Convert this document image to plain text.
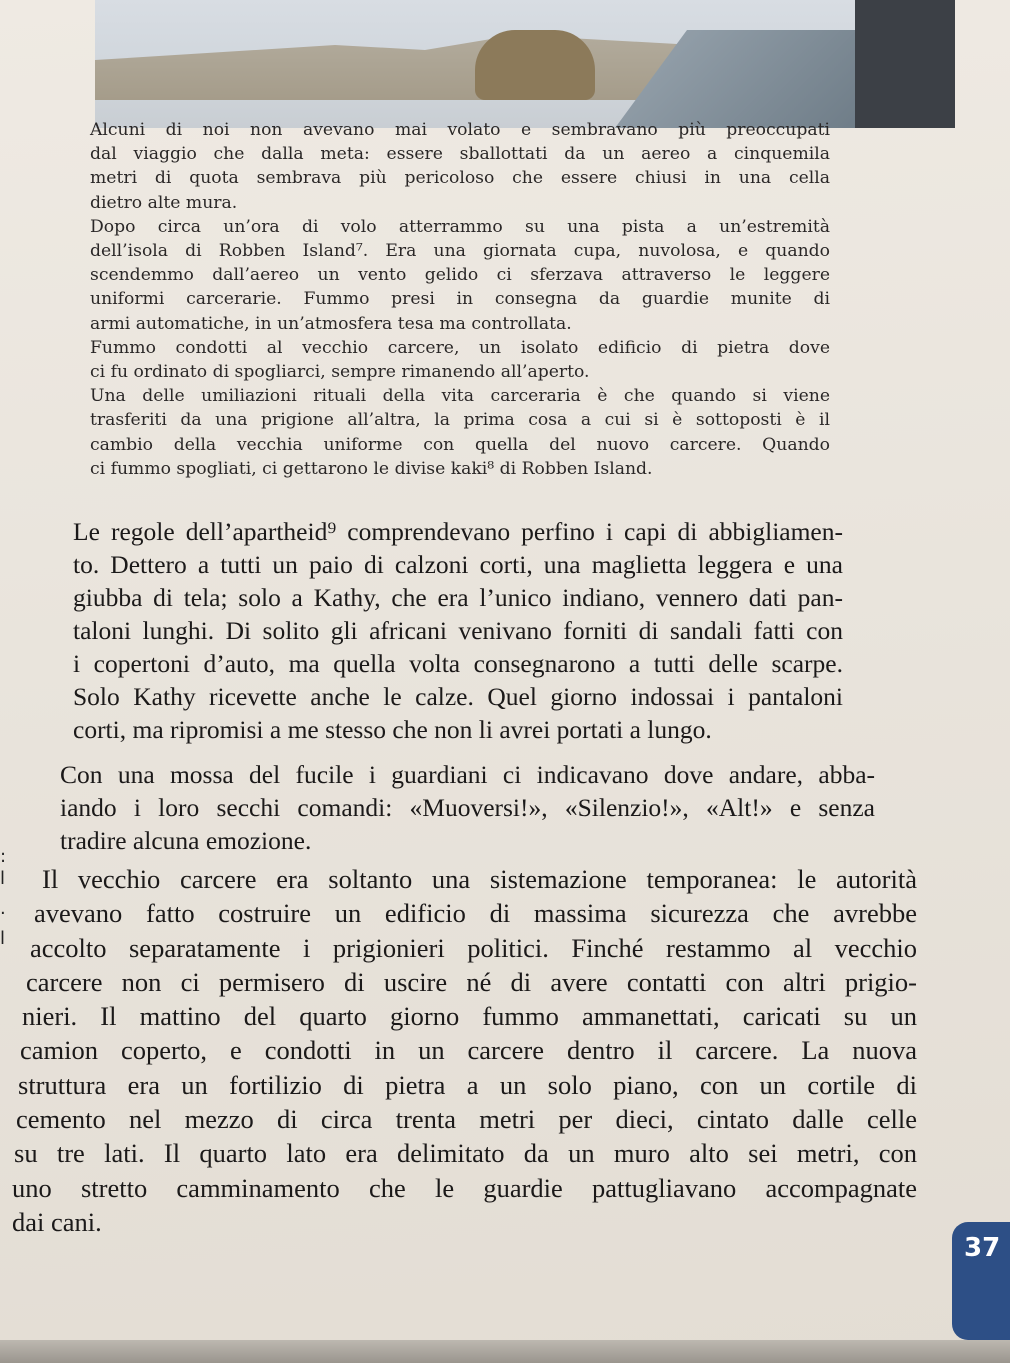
Alcuni di noi non avevano mai volato e sembravano più preoccupati

dal viaggio che dalla meta: essere sballottati da un aereo a cinquemila

metri di quota sembrava più pericoloso che essere chiusi in una cella

dietro alte mura.

Dopo circa un’ora di volo atterrammo su una pista a un’estremità

dell’isola di Robben Island⁷. Era una giornata cupa, nuvolosa, e quando

scendemmo dall’aereo un vento gelido ci sferzava attraverso le leggere

uniformi carcerarie. Fummo presi in consegna da guardie munite di

armi automatiche, in un’atmosfera tesa ma controllata.

Fummo condotti al vecchio carcere, un isolato edificio di pietra dove

ci fu ordinato di spogliarci, sempre rimanendo all’aperto.

Una delle umiliazioni rituali della vita carceraria è che quando si viene

trasferiti da una prigione all’altra, la prima cosa a cui si è sottoposti è il

cambio della vecchia uniforme con quella del nuovo carcere. Quando

ci fummo spogliati, ci gettarono le divise kaki⁸ di Robben Island.

Le regole dell’apartheid⁹ comprendevano perfino i capi di abbigliamen-

to. Dettero a tutti un paio di calzoni corti, una maglietta leggera e una

giubba di tela; solo a Kathy, che era l’unico indiano, vennero dati pan-

taloni lunghi. Di solito gli africani venivano forniti di sandali fatti con

i copertoni d’auto, ma quella volta consegnarono a tutti delle scarpe.

Solo Kathy ricevette anche le calze. Quel giorno indossai i pantaloni

corti, ma ripromisi a me stesso che non li avrei portati a lungo.

Con una mossa del fucile i guardiani ci indicavano dove andare, abba-

iando i loro secchi comandi: «Muoversi!», «Silenzio!», «Alt!» e senza

tradire alcuna emozione.

:
l
.
l

Il vecchio carcere era soltanto una sistemazione temporanea: le autorità

avevano fatto costruire un edificio di massima sicurezza che avrebbe

accolto separatamente i prigionieri politici. Finché restammo al vecchio

carcere non ci permisero di uscire né di avere contatti con altri prigio-

nieri. Il mattino del quarto giorno fummo ammanettati, caricati su un

camion coperto, e condotti in un carcere dentro il carcere. La nuova

struttura era un fortilizio di pietra a un solo piano, con un cortile di

cemento nel mezzo di circa trenta metri per dieci, cintato dalle celle

su tre lati. Il quarto lato era delimitato da un muro alto sei metri, con

uno stretto camminamento che le guardie pattugliavano accompagnate

dai cani.

37
